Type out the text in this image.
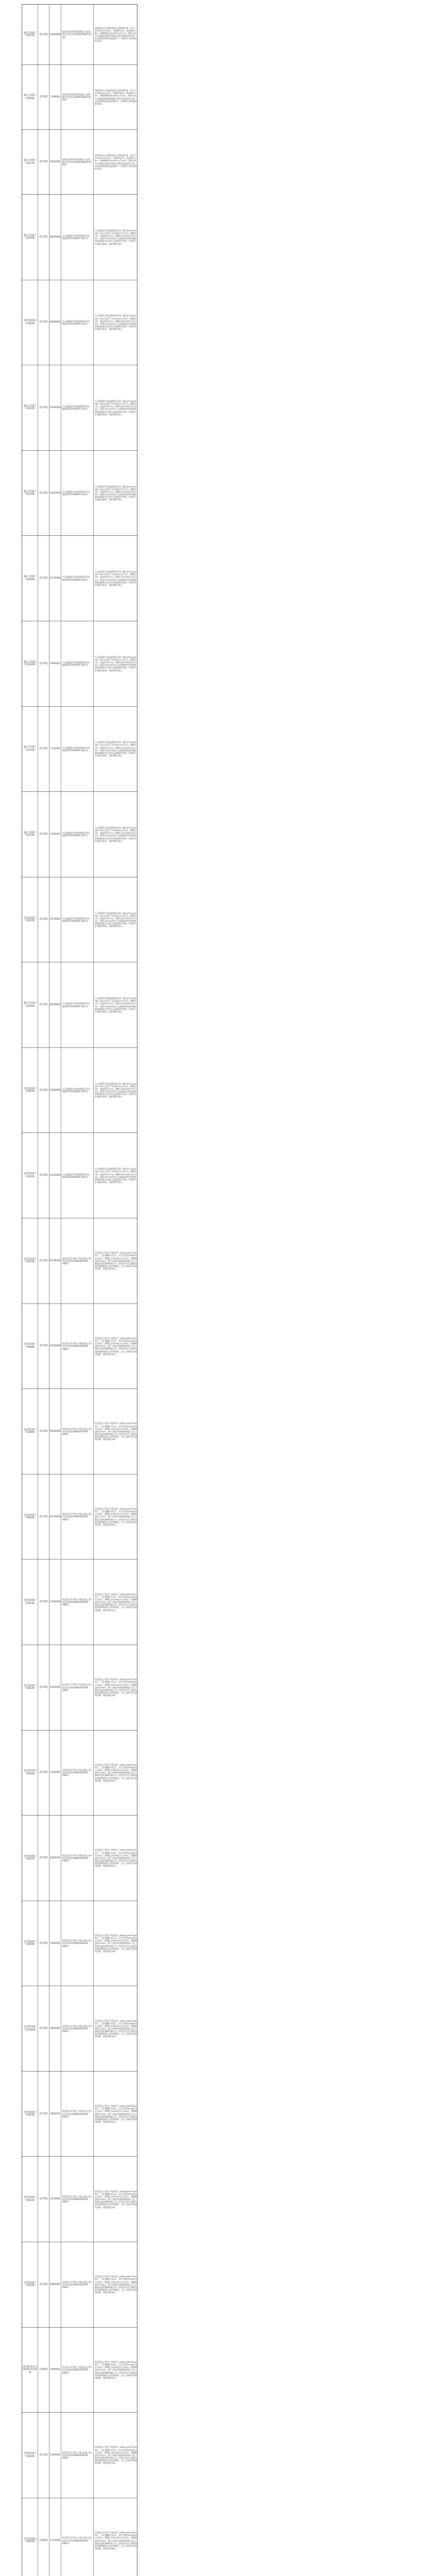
截止至2017年第07期	【1705】 13900000
国泰君安1133型结构化产品管理计划-01-01-B20150425-01-017
国泰君安1133型结构化产品管理计划，发行于2016年12月24日，存续期为2年，收益率4%-6%，预期到期日2018年12月24日，投资方向为与国泰君安股份有限公司签订收益凭证合约，以及优质的固定收益类资产，结构化产品风险等级为R2。
截止至2017年第08期	【1705】 7300000
国泰君安1133型结构化产品管理计划-01-01-B20150425-01-018
国泰君安1133型结构化产品管理计划，发行于2016年12月24日，存续期为2年，收益率4%-6%，预期到期日2018年12月24日，投资方向为与国泰君安股份有限公司签订收益凭证合约，以及优质的固定收益类资产，结构化产品风险等级为R2。
截止至2017年第07期	【1705】 6000000
国泰君安1133型结构化产品管理计划-01-01-B20150425-01-019
国泰君安1133型结构化产品管理计划，发行于2016年12月24日，存续期为2年，收益率4%-6%，预期到期日2018年12月24日，投资方向为与国泰君安股份有限公司签订收益凭证合约，以及优质的固定收益类资产，结构化产品风险等级为R2。
截止至2017年第06期	【1705】 30000000
兴元国投资产收益权投资计划一期(QCZT2016X87-136-1)
兴元国投资产收益权投资计划一期(QCZT2016X87-136-1)发行于2016年12月15日，期限为2年，收益率为5.3%，到期日为2018年12月15日，投资方向为以受让兴元国投持有的应收账款收益权的方式向兴元国投进行投资，资金用于补充流动资金，风险等级为R3。
金雪莲2016年第05期	【1705】 35890000
兴元国投资产收益权投资计划一期(QCZT2016X87-136-1)
兴元国投资产收益权投资计划一期(QCZT2016X87-136-1)发行于2016年12月15日，期限为2年，收益率为5.3%，到期日为2018年12月15日，投资方向为以受让兴元国投持有的应收账款收益权的方式向兴元国投进行投资，资金用于补充流动资金，风险等级为R3。
截止至2017年第02期	【1705】 15500000
兴元国投资产收益权投资计划一期(QCZT2016X87-136-1)
兴元国投资产收益权投资计划一期(QCZT2016X87-136-1)发行于2016年12月15日，期限为2年，收益率为5.3%，到期日为2018年12月15日，投资方向为以受让兴元国投持有的应收账款收益权的方式向兴元国投进行投资，资金用于补充流动资金，风险等级为R3。
截止至2017年第10期	【1705】 14500000
兴元国投资产收益权投资计划一期(QCZT2016X87-136-1)
兴元国投资产收益权投资计划一期(QCZT2016X87-136-1)发行于2016年12月15日，期限为2年，收益率为5.3%，到期日为2018年12月15日，投资方向为以受让兴元国投持有的应收账款收益权的方式向兴元国投进行投资，资金用于补充流动资金，风险等级为R3。
截止至2017年第09期	【1705】 11700000
兴元国投资产收益权投资计划一期(QCZT2016X87-136-1)
兴元国投资产收益权投资计划一期(QCZT2016X87-136-1)发行于2016年12月15日，期限为2年，收益率为5.3%，到期日为2018年12月15日，投资方向为以受让兴元国投持有的应收账款收益权的方式向兴元国投进行投资，资金用于补充流动资金，风险等级为R3。
截止至2016年第100期	【1705】 9300000
兴元国投资产收益权投资计划一期(QCZT2016X87-136-1)
兴元国投资产收益权投资计划一期(QCZT2016X87-136-1)发行于2016年12月15日，期限为2年，收益率为5.3%，到期日为2018年12月15日，投资方向为以受让兴元国投持有的应收账款收益权的方式向兴元国投进行投资，资金用于补充流动资金，风险等级为R3。
截止至2017年第11期	【1705】 7140000
兴元国投资产收益权投资计划一期(QCZT2016X87-136-1)
兴元国投资产收益权投资计划一期(QCZT2016X87-136-1)发行于2016年12月15日，期限为2年，收益率为5.3%，到期日为2018年12月15日，投资方向为以受让兴元国投持有的应收账款收益权的方式向兴元国投进行投资，资金用于补充流动资金，风险等级为R3。
截止至2017年第12期	【1705】 5000000
兴元国投资产收益权投资计划一期(QCZT2016X87-136-1)
兴元国投资产收益权投资计划一期(QCZT2016X87-136-1)发行于2016年12月15日，期限为2年，收益率为5.3%，到期日为2018年12月15日，投资方向为以受让兴元国投持有的应收账款收益权的方式向兴元国投进行投资，资金用于补充流动资金，风险等级为R3。
金雪莲2017年第07期	【1705】 2570000
兴元国投资产收益权投资计划一期(QCZT2016X87-136-1)
兴元国投资产收益权投资计划一期(QCZT2016X87-136-1)发行于2016年12月15日，期限为2年，收益率为5.3%，到期日为2018年12月15日，投资方向为以受让兴元国投持有的应收账款收益权的方式向兴元国投进行投资，资金用于补充流动资金，风险等级为R3。
截止至2016年第99期	【1705】 26940000
兴元国投资产收益权投资计划一期(QCZT2016X87-136-1)
兴元国投资产收益权投资计划一期(QCZT2016X87-136-1)发行于2016年12月15日，期限为2年，收益率为5.3%，到期日为2018年12月15日，投资方向为以受让兴元国投持有的应收账款收益权的方式向兴元国投进行投资，资金用于补充流动资金，风险等级为R3。
金雪莲2017年第04期	【1705】 23960000
兴元国投资产收益权投资计划一期(QCZT2016X87-136-1)
兴元国投资产收益权投资计划一期(QCZT2016X87-136-1)发行于2016年12月15日，期限为2年，收益率为5.3%，到期日为2018年12月15日，投资方向为以受让兴元国投持有的应收账款收益权的方式向兴元国投进行投资，资金用于补充流动资金，风险等级为R3。
金雪莲2017年第02期	【1705】 23410000
兴元国投资产收益权投资计划一期(QCZT2016X87-136-1)
兴元国投资产收益权投资计划一期(QCZT2016X87-136-1)发行于2016年12月15日，期限为2年，收益率为5.3%，到期日为2018年12月15日，投资方向为以受让兴元国投持有的应收账款收益权的方式向兴元国投进行投资，资金用于补充流动资金，风险等级为R3。
金雪莲2017年第07期	【1705】 87760000
安信蓝天1号资产支持证券(上海证券交易所)(ABS2016ZTB-A005)
安信蓝天1号资产支持证券（ABS2016ZTB-A005），发行规模7.9亿元，发行日期为2016年11月30日，到期日为2019年11月30日，预期收益率为5.6%，资产支持证券的原始权益人为上海蓝天商业保理有限公司，投资方向为上海蓝天商业保理有限公司应收账款，已在上海证券交易所挂牌，风险等级为R3。
金雪莲2017年第08期	【1705】 24300000
安信蓝天1号资产支持证券(上海证券交易所)(ABS2016ZTB-A005)
安信蓝天1号资产支持证券（ABS2016ZTB-A005），发行规模7.9亿元，发行日期为2016年11月30日，到期日为2019年11月30日，预期收益率为5.6%，资产支持证券的原始权益人为上海蓝天商业保理有限公司，投资方向为上海蓝天商业保理有限公司应收账款，已在上海证券交易所挂牌，风险等级为R3。
金雪莲2017年第06期	【1705】 16990000
安信蓝天1号资产支持证券(上海证券交易所)(ABS2016ZTB-A005)
安信蓝天1号资产支持证券（ABS2016ZTB-A005），发行规模7.9亿元，发行日期为2016年11月30日，到期日为2019年11月30日，预期收益率为5.6%，资产支持证券的原始权益人为上海蓝天商业保理有限公司，投资方向为上海蓝天商业保理有限公司应收账款，已在上海证券交易所挂牌，风险等级为R3。
金雪莲2017年第04期	【1705】 12070000
安信蓝天1号资产支持证券(上海证券交易所)(ABS2016ZTB-A005)
安信蓝天1号资产支持证券（ABS2016ZTB-A005），发行规模7.9亿元，发行日期为2016年11月30日，到期日为2019年11月30日，预期收益率为5.6%，资产支持证券的原始权益人为上海蓝天商业保理有限公司，投资方向为上海蓝天商业保理有限公司应收账款，已在上海证券交易所挂牌，风险等级为R3。
金雪莲2017年第03期	【1705】 11490000
安信蓝天1号资产支持证券(上海证券交易所)(ABS2016ZTB-A005)
安信蓝天1号资产支持证券（ABS2016ZTB-A005），发行规模7.9亿元，发行日期为2016年11月30日，到期日为2019年11月30日，预期收益率为5.6%，资产支持证券的原始权益人为上海蓝天商业保理有限公司，投资方向为上海蓝天商业保理有限公司应收账款，已在上海证券交易所挂牌，风险等级为R3。
金雪莲2017年第02期	【1705】 8100000
安信蓝天1号资产支持证券(上海证券交易所)(ABS2016ZTB-A005)
安信蓝天1号资产支持证券（ABS2016ZTB-A005），发行规模7.9亿元，发行日期为2016年11月30日，到期日为2019年11月30日，预期收益率为5.6%，资产支持证券的原始权益人为上海蓝天商业保理有限公司，投资方向为上海蓝天商业保理有限公司应收账款，已在上海证券交易所挂牌，风险等级为R3。
金雪莲2016年第99期	【1705】 7350000
安信蓝天1号资产支持证券(上海证券交易所)(ABS2016ZTB-A005)
安信蓝天1号资产支持证券（ABS2016ZTB-A005），发行规模7.9亿元，发行日期为2016年11月30日，到期日为2019年11月30日，预期收益率为5.6%，资产支持证券的原始权益人为上海蓝天商业保理有限公司，投资方向为上海蓝天商业保理有限公司应收账款，已在上海证券交易所挂牌，风险等级为R3。
金雪莲2017年第01期	【1705】 6900000
安信蓝天1号资产支持证券(上海证券交易所)(ABS2016ZTB-A005)
安信蓝天1号资产支持证券（ABS2016ZTB-A005），发行规模7.9亿元，发行日期为2016年11月30日，到期日为2019年11月30日，预期收益率为5.6%，资产支持证券的原始权益人为上海蓝天商业保理有限公司，投资方向为上海蓝天商业保理有限公司应收账款，已在上海证券交易所挂牌，风险等级为R3。
金雪莲2017年第05期	【1705】 5690000
安信蓝天1号资产支持证券(上海证券交易所)(ABS2016ZTB-A005)
安信蓝天1号资产支持证券（ABS2016ZTB-A005），发行规模7.9亿元，发行日期为2016年11月30日，到期日为2019年11月30日，预期收益率为5.6%，资产支持证券的原始权益人为上海蓝天商业保理有限公司，投资方向为上海蓝天商业保理有限公司应收账款，已在上海证券交易所挂牌，风险等级为R3。
金雪莲2016年第100期	【1705】 4850000
安信蓝天1号资产支持证券(上海证券交易所)(ABS2016ZTB-A005)
安信蓝天1号资产支持证券（ABS2016ZTB-A005），发行规模7.9亿元，发行日期为2016年11月30日，到期日为2019年11月30日，预期收益率为5.6%，资产支持证券的原始权益人为上海蓝天商业保理有限公司，投资方向为上海蓝天商业保理有限公司应收账款，已在上海证券交易所挂牌，风险等级为R3。
金雪莲2017年第04期	【1705】 4000000
安信蓝天1号资产支持证券(上海证券交易所)(ABS2016ZTB-A005)
安信蓝天1号资产支持证券（ABS2016ZTB-A005），发行规模7.9亿元，发行日期为2016年11月30日，到期日为2019年11月30日，预期收益率为5.6%，资产支持证券的原始权益人为上海蓝天商业保理有限公司，投资方向为上海蓝天商业保理有限公司应收账款，已在上海证券交易所挂牌，风险等级为R3。
金雪莲2017年第03期	【1705】 3970000
安信蓝天1号资产支持证券(上海证券交易所)(ABS2016ZTB-A005)
安信蓝天1号资产支持证券（ABS2016ZTB-A005），发行规模7.9亿元，发行日期为2016年11月30日，到期日为2019年11月30日，预期收益率为5.6%，资产支持证券的原始权益人为上海蓝天商业保理有限公司，投资方向为上海蓝天商业保理有限公司应收账款，已在上海证券交易所挂牌，风险等级为R3。
金雪莲2017年第01期	【1705】 2980000
安信蓝天1号资产支持证券(上海证券交易所)(ABS2016ZTB-A005)
安信蓝天1号资产支持证券（ABS2016ZTB-A005），发行规模7.9亿元，发行日期为2016年11月30日，到期日为2019年11月30日，预期收益率为5.6%，资产支持证券的原始权益人为上海蓝天商业保理有限公司，投资方向为上海蓝天商业保理有限公司应收账款，已在上海证券交易所挂牌，风险等级为R3。
金雪莲·增享宝2016年第100期
【1805】 2000000
安信蓝天1号资产支持证券(上海证券交易所)(ABS2016ZTB-A005)
安信蓝天1号资产支持证券（ABS2016ZTB-A005），发行规模7.9亿元，发行日期为2016年11月30日，到期日为2019年11月30日，预期收益率为5.6%，资产支持证券的原始权益人为上海蓝天商业保理有限公司，投资方向为上海蓝天商业保理有限公司应收账款，已在上海证券交易所挂牌，风险等级为R3。
金雪莲2017年第09期	【1705】 1960000
安信蓝天1号资产支持证券(上海证券交易所)(ABS2016ZTB-A005)
安信蓝天1号资产支持证券（ABS2016ZTB-A005），发行规模7.9亿元，发行日期为2016年11月30日，到期日为2019年11月30日，预期收益率为5.6%，资产支持证券的原始权益人为上海蓝天商业保理有限公司，投资方向为上海蓝天商业保理有限公司应收账款，已在上海证券交易所挂牌，风险等级为R3。
金雪莲2016年第99期	【1805】 1510000
安信蓝天1号资产支持证券(上海证券交易所)(ABS2016ZTB-A005)
安信蓝天1号资产支持证券（ABS2016ZTB-A005），发行规模7.9亿元，发行日期为2016年11月30日，到期日为2019年11月30日，预期收益率为5.6%，资产支持证券的原始权益人为上海蓝天商业保理有限公司，投资方向为上海蓝天商业保理有限公司应收账款，已在上海证券交易所挂牌，风险等级为R3。
